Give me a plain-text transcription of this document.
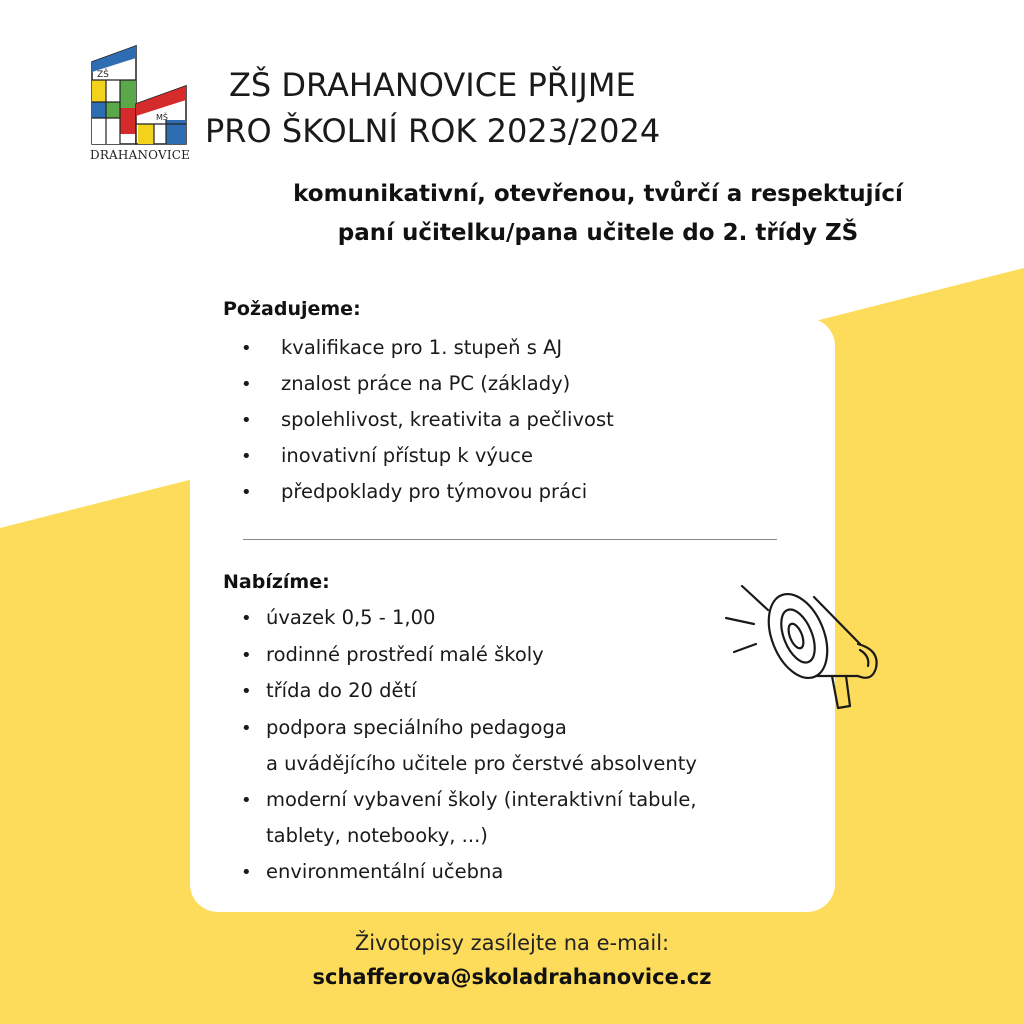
ZŠ
MŠ
DRAHANOVICE
ZŠ DRAHANOVICE PŘIJME
PRO ŠKOLNÍ ROK 2023/2024
komunikativní, otevřenou, tvůrčí a respektující
paní učitelku/pana učitele do 2. třídy ZŠ
Požadujeme:
• kvalifikace pro 1. stupeň s AJ
• znalost práce na PC (základy)
• spolehlivost, kreativita a pečlivost
• inovativní přístup k výuce
• předpoklady pro týmovou práci
Nabízíme:
• úvazek 0,5 - 1,00
• rodinné prostředí malé školy
• třída do 20 dětí
• podpora speciálního pedagoga
a uvádějícího učitele pro čerstvé absolventy
• moderní vybavení školy (interaktivní tabule,
tablety, notebooky, ...)
• environmentální učebna
Životopisy zasílejte na e-mail:
schafferova@skoladrahanovice.cz
